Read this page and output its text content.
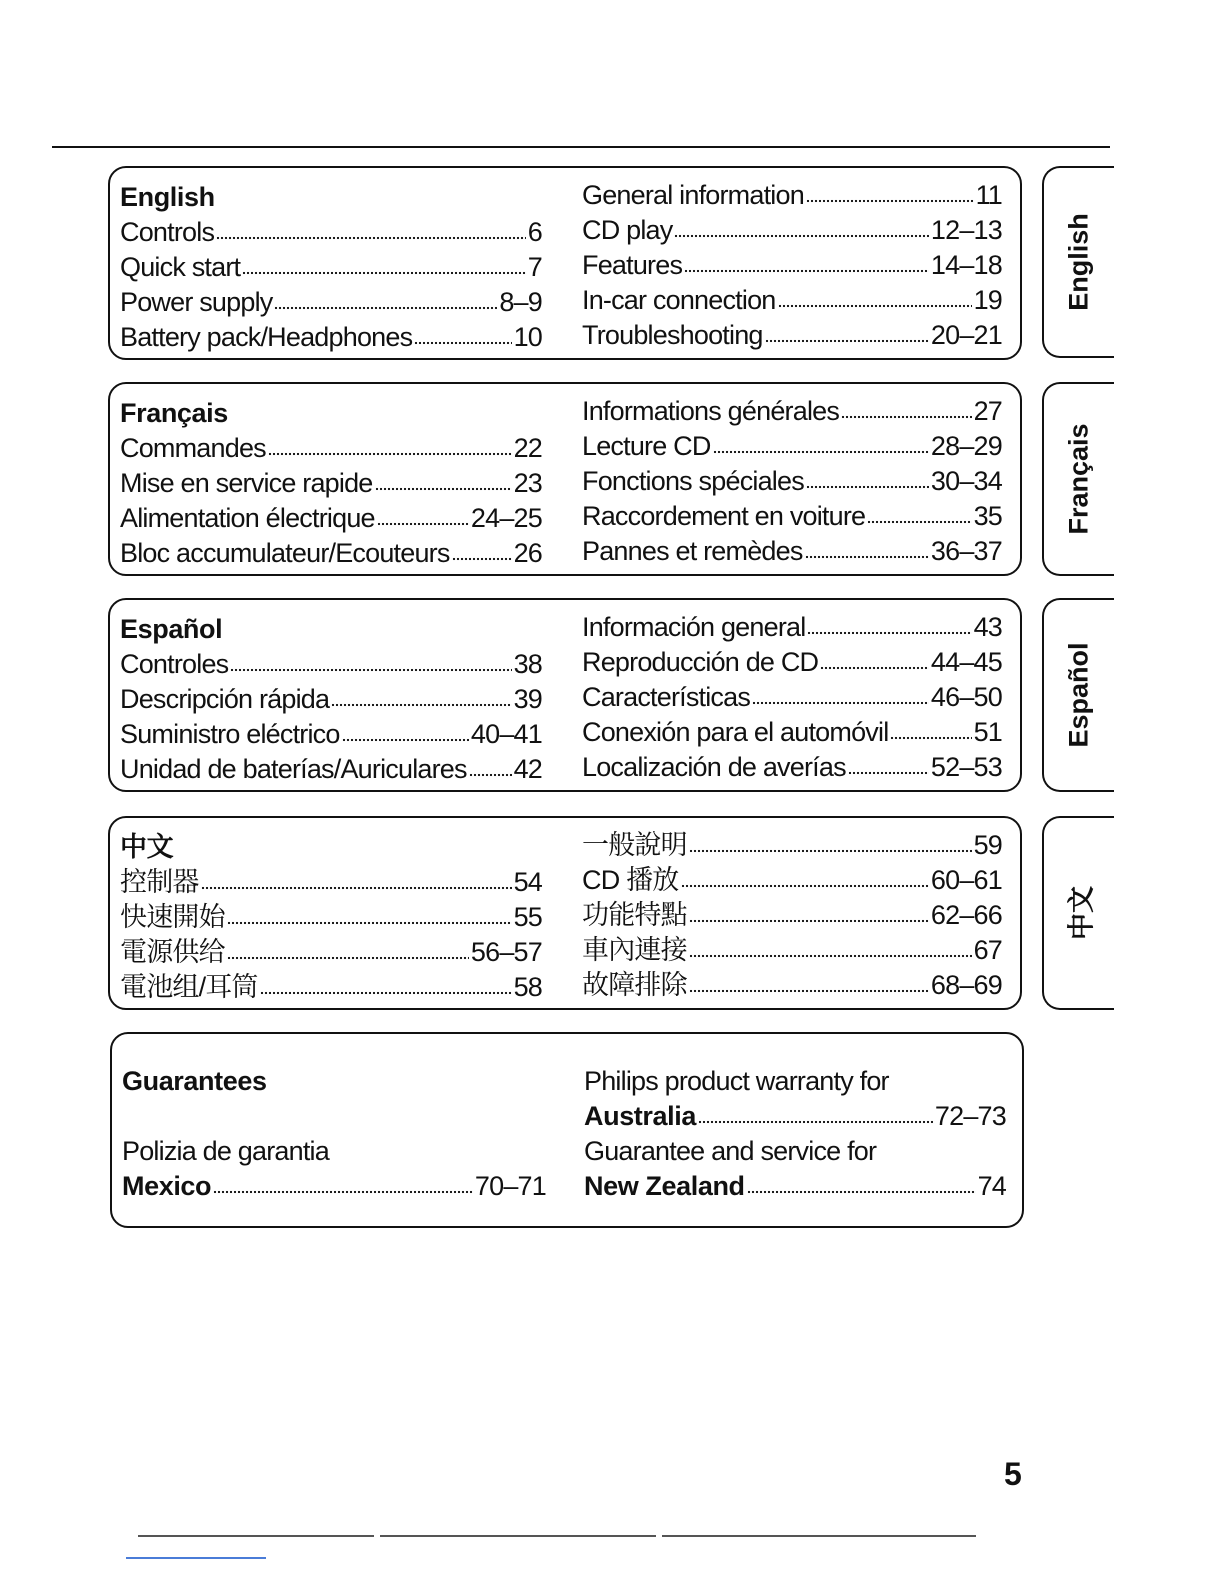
English
Controls	6
Quick start	7
Power supply	8–9
Battery pack/Headphones	10
General information	11
CD play	12–13
Features	14–18
In-car connection	19
Troubleshooting	20–21
Français
Commandes	22
Mise en service rapide	23
Alimentation électrique	24–25
Bloc accumulateur/Ecouteurs 26
Informations générales	27
Lecture CD	28–29
Fonctions spéciales	30–34
Raccordement en voiture	35
Pannes et remèdes	36–37
Español
Controles	38
Descripción rápida	39
Suministro eléctrico	40–41
Unidad de baterías/Auriculares 42
Información general	43
Reproducción de CD	44–45
Características	46–50
Conexión para el automóvil	51
Localización de averías	52–53
中文
控制器	54
快速開始	55
電源供给	56–57
電池组/耳筒	58
一般說明	59
CD 播放	60–61
功能特點	62–66
車內連接	67
故障排除	68–69
Guarantees
Polizia de garantia
Mexico	70–71
Philips product warranty for
Australia	72–73
Guarantee and service for
New Zealand	74
English
Français
Español
中文
5
